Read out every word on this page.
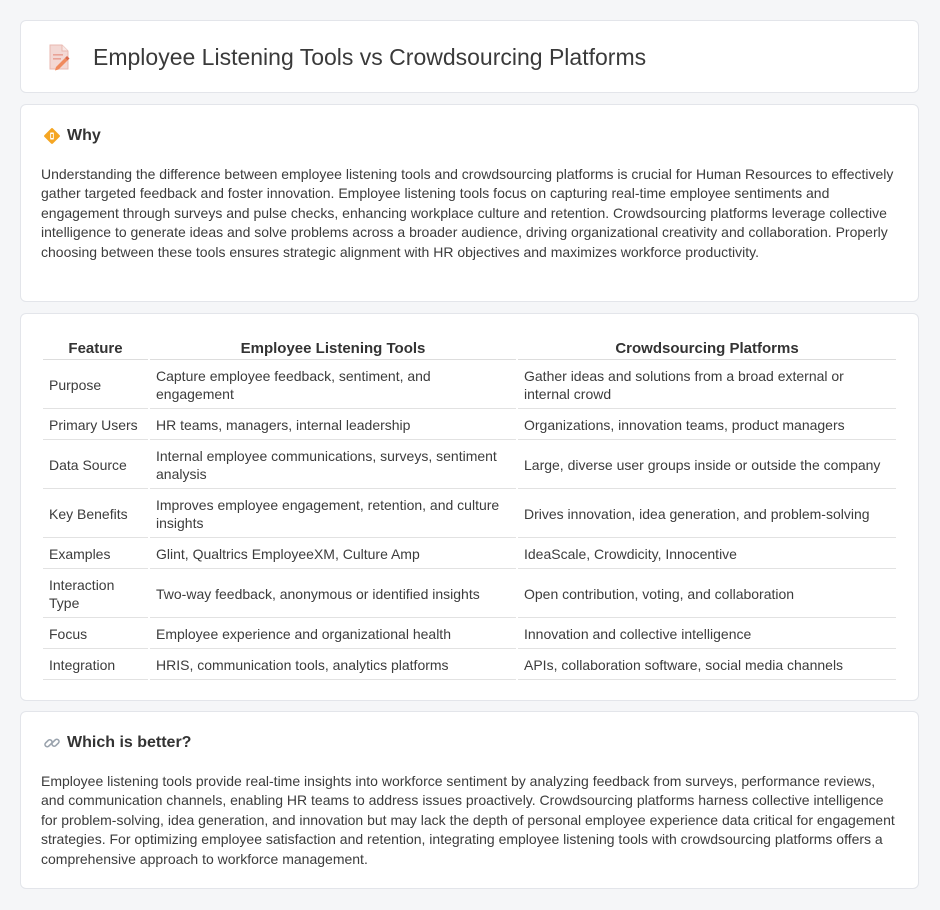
Employee Listening Tools vs Crowdsourcing Platforms
Why

Understanding the difference between employee listening tools and crowdsourcing platforms is crucial for Human Resources to effectively gather targeted feedback and foster innovation. Employee listening tools focus on capturing real-time employee sentiments and engagement through surveys and pulse checks, enhancing workplace culture and retention. Crowdsourcing platforms leverage collective intelligence to generate ideas and solve problems across a broader audience, driving organizational creativity and collaboration. Properly choosing between these tools ensures strategic alignment with HR objectives and maximizes workforce productivity.

Feature	Employee Listening Tools	Crowdsourcing Platforms
Purpose	Capture employee feedback, sentiment, and engagement	Gather ideas and solutions from a broad external or internal crowd
Primary Users	HR teams, managers, internal leadership	Organizations, innovation teams, product managers
Data Source	Internal employee communications, surveys, sentiment analysis	Large, diverse user groups inside or outside the company
Key Benefits	Improves employee engagement, retention, and culture insights	Drives innovation, idea generation, and problem-solving
Examples	Glint, Qualtrics EmployeeXM, Culture Amp	IdeaScale, Crowdicity, Innocentive
Interaction Type	Two-way feedback, anonymous or identified insights	Open contribution, voting, and collaboration
Focus	Employee experience and organizational health	Innovation and collective intelligence
Integration	HRIS, communication tools, analytics platforms	APIs, collaboration software, social media channels
Which is better?

Employee listening tools provide real-time insights into workforce sentiment by analyzing feedback from surveys, performance reviews, and communication channels, enabling HR teams to address issues proactively. Crowdsourcing platforms harness collective intelligence for problem-solving, idea generation, and innovation but may lack the depth of personal employee experience data critical for engagement strategies. For optimizing employee satisfaction and retention, integrating employee listening tools with crowdsourcing platforms offers a comprehensive approach to workforce management.
